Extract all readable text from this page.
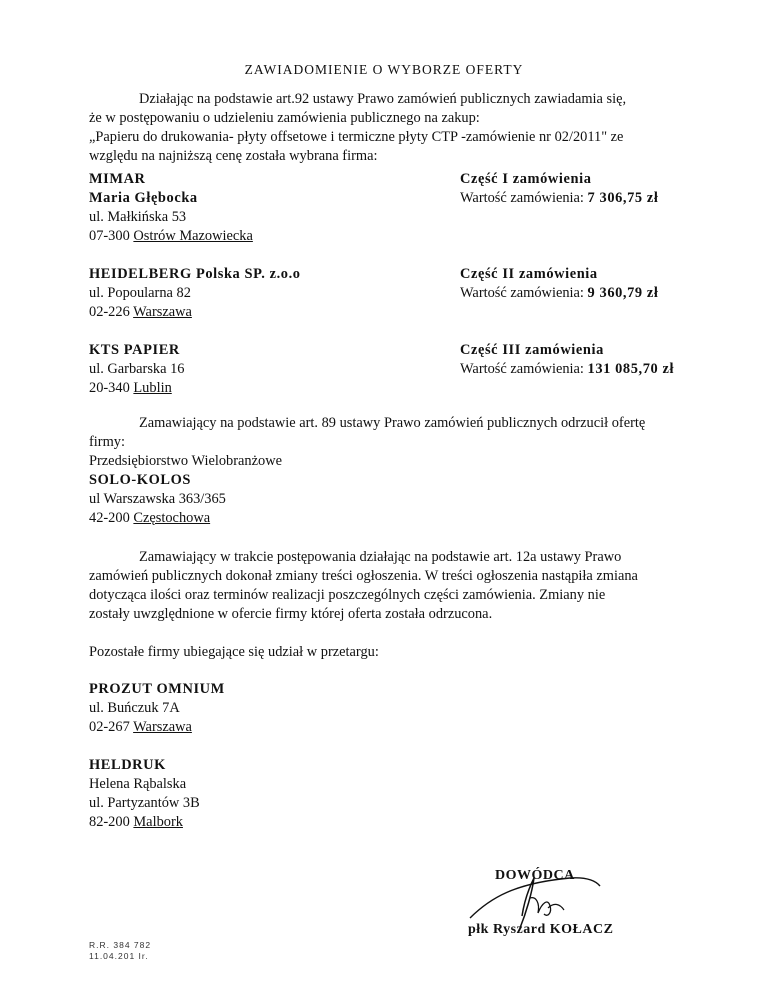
ZAWIADOMIENIE O WYBORZE OFERTY
Działając na podstawie art.92 ustawy Prawo zamówień publicznych zawiadamia się,
że w postępowaniu o udzieleniu zamówienia publicznego na zakup:
„Papieru do drukowania- płyty offsetowe i termiczne płyty CTP -zamówienie nr 02/2011" ze
względu na najniższą cenę została wybrana firma:
MIMAR
Maria Głębocka
ul. Małkińska 53
07-300 Ostrów Mazowiecka
Część I zamówienia
Wartość zamówienia: 7 306,75 zł
HEIDELBERG Polska SP. z.o.o
ul. Popoularna 82
02-226 Warszawa
Część II zamówienia
Wartość zamówienia: 9 360,79 zł
KTS PAPIER
ul. Garbarska 16
20-340 Lublin
Część III zamówienia
Wartość zamówienia: 131 085,70 zł
Zamawiający na podstawie art. 89 ustawy Prawo zamówień publicznych odrzucił ofertę
firmy:
Przedsiębiorstwo Wielobranżowe
SOLO-KOLOS
ul Warszawska 363/365
42-200 Częstochowa
Zamawiający w trakcie postępowania działając na podstawie art. 12a ustawy Prawo
zamówień publicznych dokonał zmiany treści ogłoszenia. W treści ogłoszenia nastąpiła zmiana
dotycząca ilości oraz terminów realizacji poszczególnych części zamówienia. Zmiany nie
zostały uwzględnione w ofercie firmy której oferta została odrzucona.
Pozostałe firmy ubiegające się udział w przetargu:
PROZUT OMNIUM
ul. Buńczuk 7A
02-267 Warszawa
HELDRUK
Helena Rąbalska
ul. Partyzantów 3B
82-200 Malbork
DOWÓDCA
płk Ryszard KOŁACZ
R.R. 384 782
11.04.201 Ir.
